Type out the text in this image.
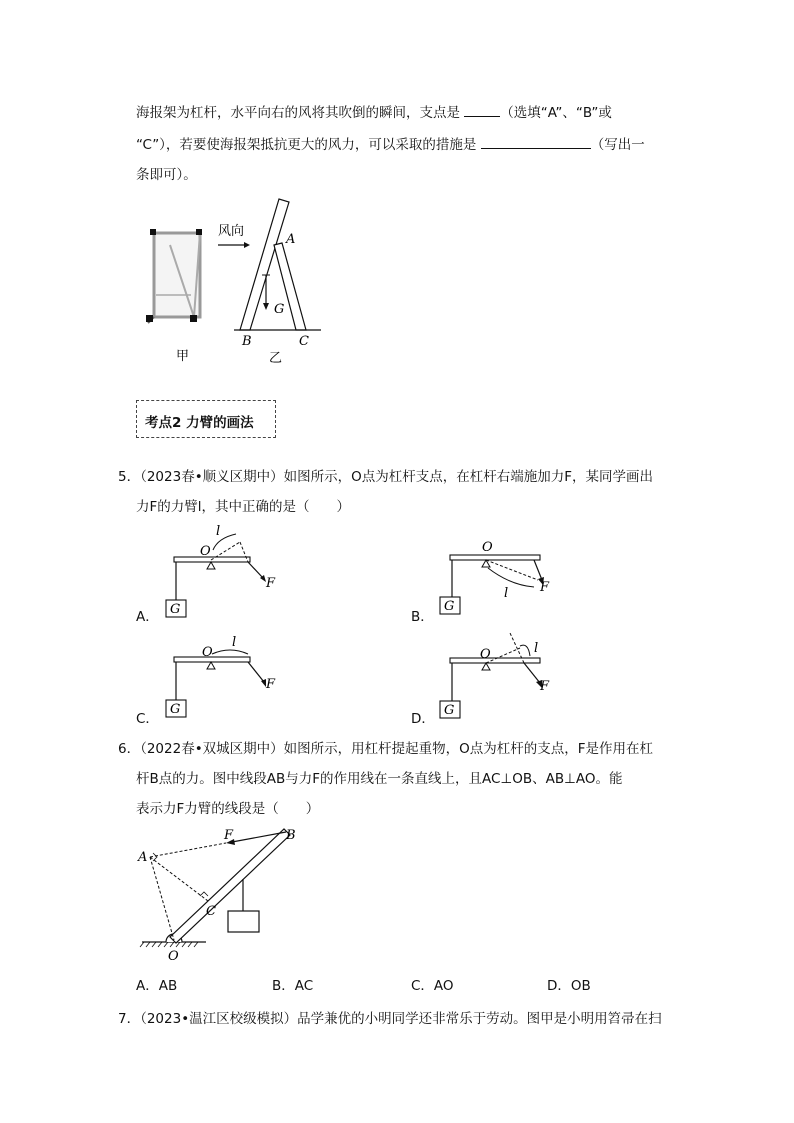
海报架为杠杆，水平向右的风将其吹倒的瞬间，支点是	（选填“A”、“B”或
“C”），若要使海报架抵抗更大的风力，可以采取的措施是	（写出一
条即可）。
甲
风向
A
G
B	C
乙
考点2 力臂的画法
5．（2023春•顺义区期中）如图所示，O点为杠杆支点，在杠杆右端施加力F，某同学画出
力F的力臂l，其中正确的是（　　）
A． G
O
F
l
B．
G
O
F
l
C．
G
O
F
l
D．
G
O
F
l
6．（2022春•双城区期中）如图所示，用杠杆提起重物，O点为杠杆的支点，F是作用在杠
杆B点的力。图中线段AB与力F的作用线在一条直线上，且AC⊥OB、AB⊥AO。能
表示力F力臂的线段是（　　）
A
B
C
F
O
A．AB	B．AC	C．AO	D．OB
7．（2023•温江区校级模拟）品学兼优的小明同学还非常乐于劳动。图甲是小明用笤帚在扫
